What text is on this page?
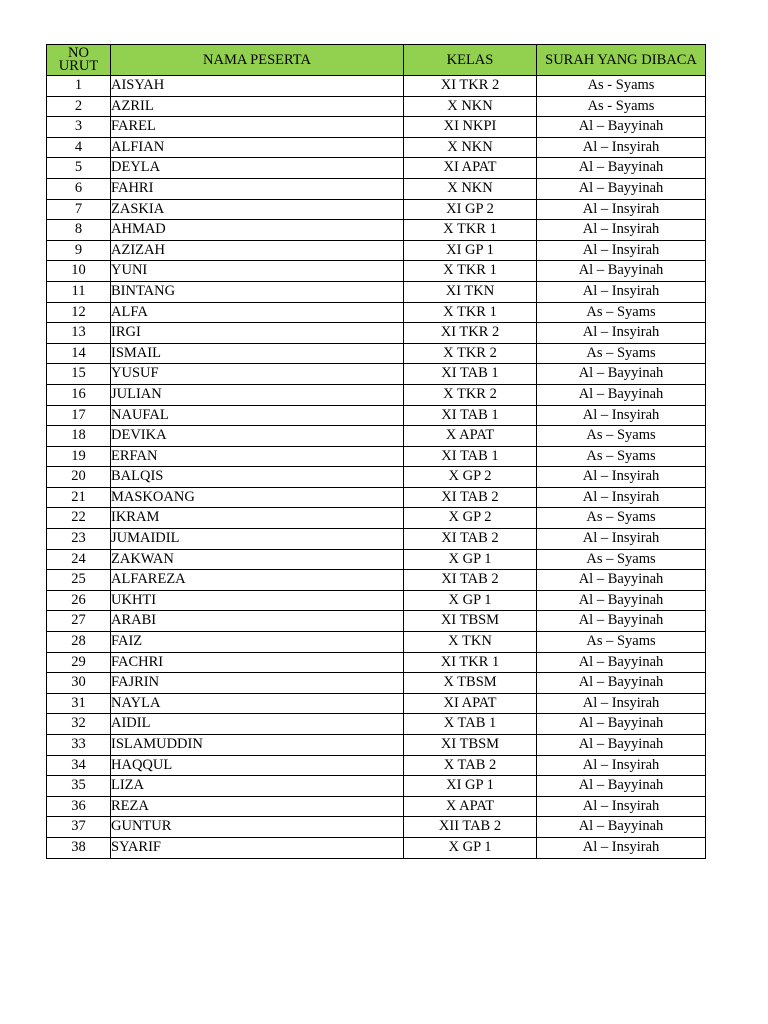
NO URUT	NAMA PESERTA	KELAS	SURAH YANG DIBACA
1	AISYAH	XI TKR 2	As - Syams
2	AZRIL	X NKN	As - Syams
3	FAREL	XI NKPI	Al – Bayyinah
4	ALFIAN	X NKN	Al – Insyirah
5	DEYLA	XI APAT	Al – Bayyinah
6	FAHRI	X NKN	Al – Bayyinah
7	ZASKIA	XI GP 2	Al – Insyirah
8	AHMAD	X TKR 1	Al – Insyirah
9	AZIZAH	XI GP 1	Al – Insyirah
10	YUNI	X TKR 1	Al – Bayyinah
11	BINTANG	XI TKN	Al – Insyirah
12	ALFA	X TKR 1	As – Syams
13	IRGI	XI TKR 2	Al – Insyirah
14	ISMAIL	X TKR 2	As – Syams
15	YUSUF	XI TAB 1	Al – Bayyinah
16	JULIAN	X TKR 2	Al – Bayyinah
17	NAUFAL	XI TAB 1	Al – Insyirah
18	DEVIKA	X APAT	As – Syams
19	ERFAN	XI TAB 1	As – Syams
20	BALQIS	X GP 2	Al – Insyirah
21	MASKOANG	XI TAB 2	Al – Insyirah
22	IKRAM	X GP 2	As – Syams
23	JUMAIDIL	XI TAB 2	Al – Insyirah
24	ZAKWAN	X GP 1	As – Syams
25	ALFAREZA	XI TAB 2	Al – Bayyinah
26	UKHTI	X GP 1	Al – Bayyinah
27	ARABI	XI TBSM	Al – Bayyinah
28	FAIZ	X TKN	As – Syams
29	FACHRI	XI TKR 1	Al – Bayyinah
30	FAJRIN	X TBSM	Al – Bayyinah
31	NAYLA	XI APAT	Al – Insyirah
32	AIDIL	X TAB 1	Al – Bayyinah
33	ISLAMUDDIN	XI TBSM	Al – Bayyinah
34	HAQQUL	X TAB 2	Al – Insyirah
35	LIZA	XI GP 1	Al – Bayyinah
36	REZA	X APAT	Al – Insyirah
37	GUNTUR	XII TAB 2	Al – Bayyinah
38	SYARIF	X GP 1	Al – Insyirah
